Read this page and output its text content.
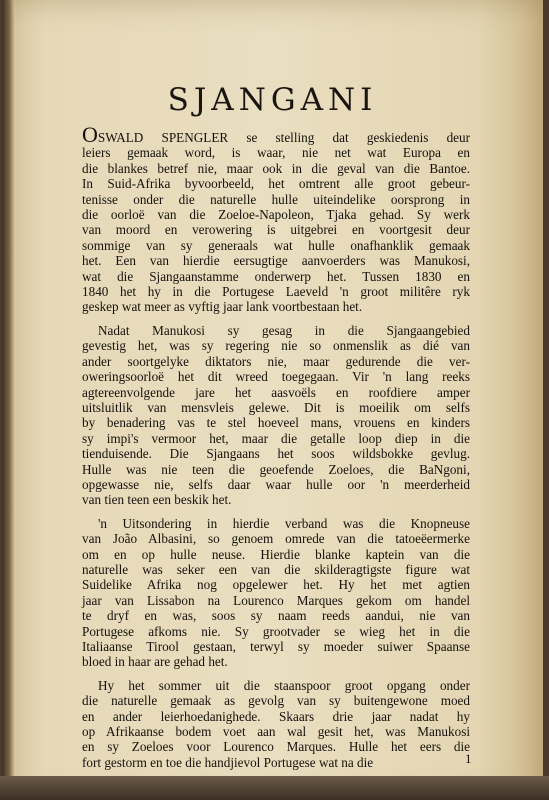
SJANGANI

OSWALD SPENGLER se stelling dat geskiedenis deur
leiers gemaak word, is waar, nie net wat Europa en
die blankes betref nie, maar ook in die geval van die Bantoe.
In Suid-Afrika byvoorbeeld, het omtrent alle groot gebeur-
tenisse onder die naturelle hulle uiteindelike oorsprong in
die oorloë van die Zoeloe-Napoleon, Tjaka gehad. Sy werk
van moord en verowering is uitgebrei en voortgesit deur
sommige van sy generaals wat hulle onafhanklik gemaak
het. Een van hierdie eersugtige aanvoerders was Manukosi,
wat die Sjangaanstamme onderwerp het. Tussen 1830 en
1840 het hy in die Portugese Laeveld 'n groot militêre ryk
geskep wat meer as vyftig jaar lank voortbestaan het.

Nadat Manukosi sy gesag in die Sjangaangebied
gevestig het, was sy regering nie so onmenslik as dié van
ander soortgelyke diktators nie, maar gedurende die ver-
oweringsoorloë het dit wreed toegegaan. Vir 'n lang reeks
agtereenvolgende jare het aasvoëls en roofdiere amper
uitsluitlik van mensvleis gelewe. Dit is moeilik om selfs
by benadering vas te stel hoeveel mans, vrouens en kinders
sy impi's vermoor het, maar die getalle loop diep in die
tienduisende. Die Sjangaans het soos wildsbokke gevlug.
Hulle was nie teen die geoefende Zoeloes, die BaNgoni,
opgewasse nie, selfs daar waar hulle oor 'n meerderheid
van tien teen een beskik het.

'n Uitsondering in hierdie verband was die Knopneuse
van João Albasini, so genoem omrede van die tatoeëermerke
om en op hulle neuse. Hierdie blanke kaptein van die
naturelle was seker een van die skilderagtigste figure wat
Suidelike Afrika nog opgelewer het. Hy het met agtien
jaar van Lissabon na Lourenco Marques gekom om handel
te dryf en was, soos sy naam reeds aandui, nie van
Portugese afkoms nie. Sy grootvader se wieg het in die
Italiaanse Tirool gestaan, terwyl sy moeder suiwer Spaanse
bloed in haar are gehad het.

Hy het sommer uit die staanspoor groot opgang onder
die naturelle gemaak as gevolg van sy buitengewone moed
en ander leierhoedanighede. Skaars drie jaar nadat hy
op Afrikaanse bodem voet aan wal gesit het, was Manukosi
en sy Zoeloes voor Lourenco Marques. Hulle het eers die
fort gestorm en toe die handjievol Portugese wat na die	1
